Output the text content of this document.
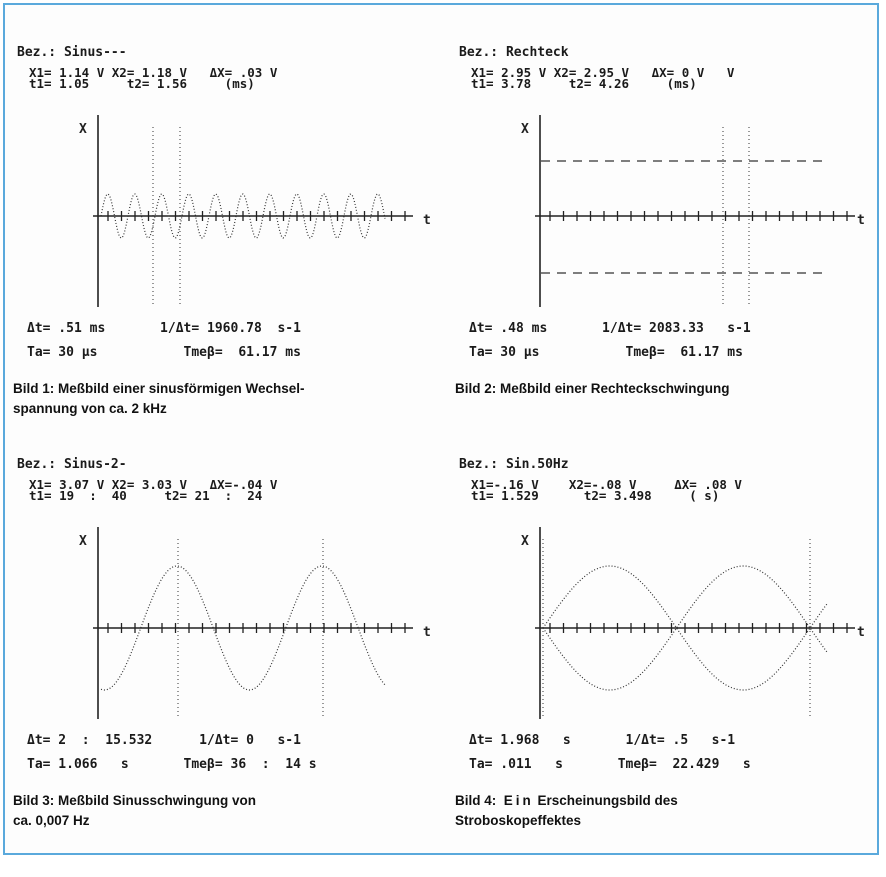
Bez.: Sinus---
X1= 1.14 V X2= 1.18 V   ΔX= .03 V
t1= 1.05     t2= 1.56     (ms)
X
t
Δt= .51 ms       1/Δt= 1960.78  s-1
Ta= 30 μs           Tmeβ=  61.17 ms
Bild 1: Meßbild einer sinusförmigen Wechsel-
spannung von ca. 2 kHz
Bez.: Rechteck
X1= 2.95 V X2= 2.95 V   ΔX= 0 V   V
t1= 3.78     t2= 4.26     (ms)
X
t
Δt= .48 ms       1/Δt= 2083.33   s-1
Ta= 30 μs           Tmeβ=  61.17 ms
Bild 2: Meßbild einer Rechteckschwingung
Bez.: Sinus-2-
X1= 3.07 V X2= 3.03 V   ΔX=-.04 V
t1= 19  :  40     t2= 21  :  24
X
t
Δt= 2  :  15.532      1/Δt= 0   s-1
Ta= 1.066   s       Tmeβ= 36  :  14 s
Bild 3: Meßbild Sinusschwingung von
ca. 0,007 Hz
Bez.: Sin.50Hz
X1=-.16 V    X2=-.08 V     ΔX= .08 V
t1= 1.529      t2= 3.498     ( s)
X
t
Δt= 1.968   s       1/Δt= .5   s-1
Ta= .011   s       Tmeβ=  22.429   s
Bild 4:  Ein Erscheinungsbild des
Stroboskopeffektes
